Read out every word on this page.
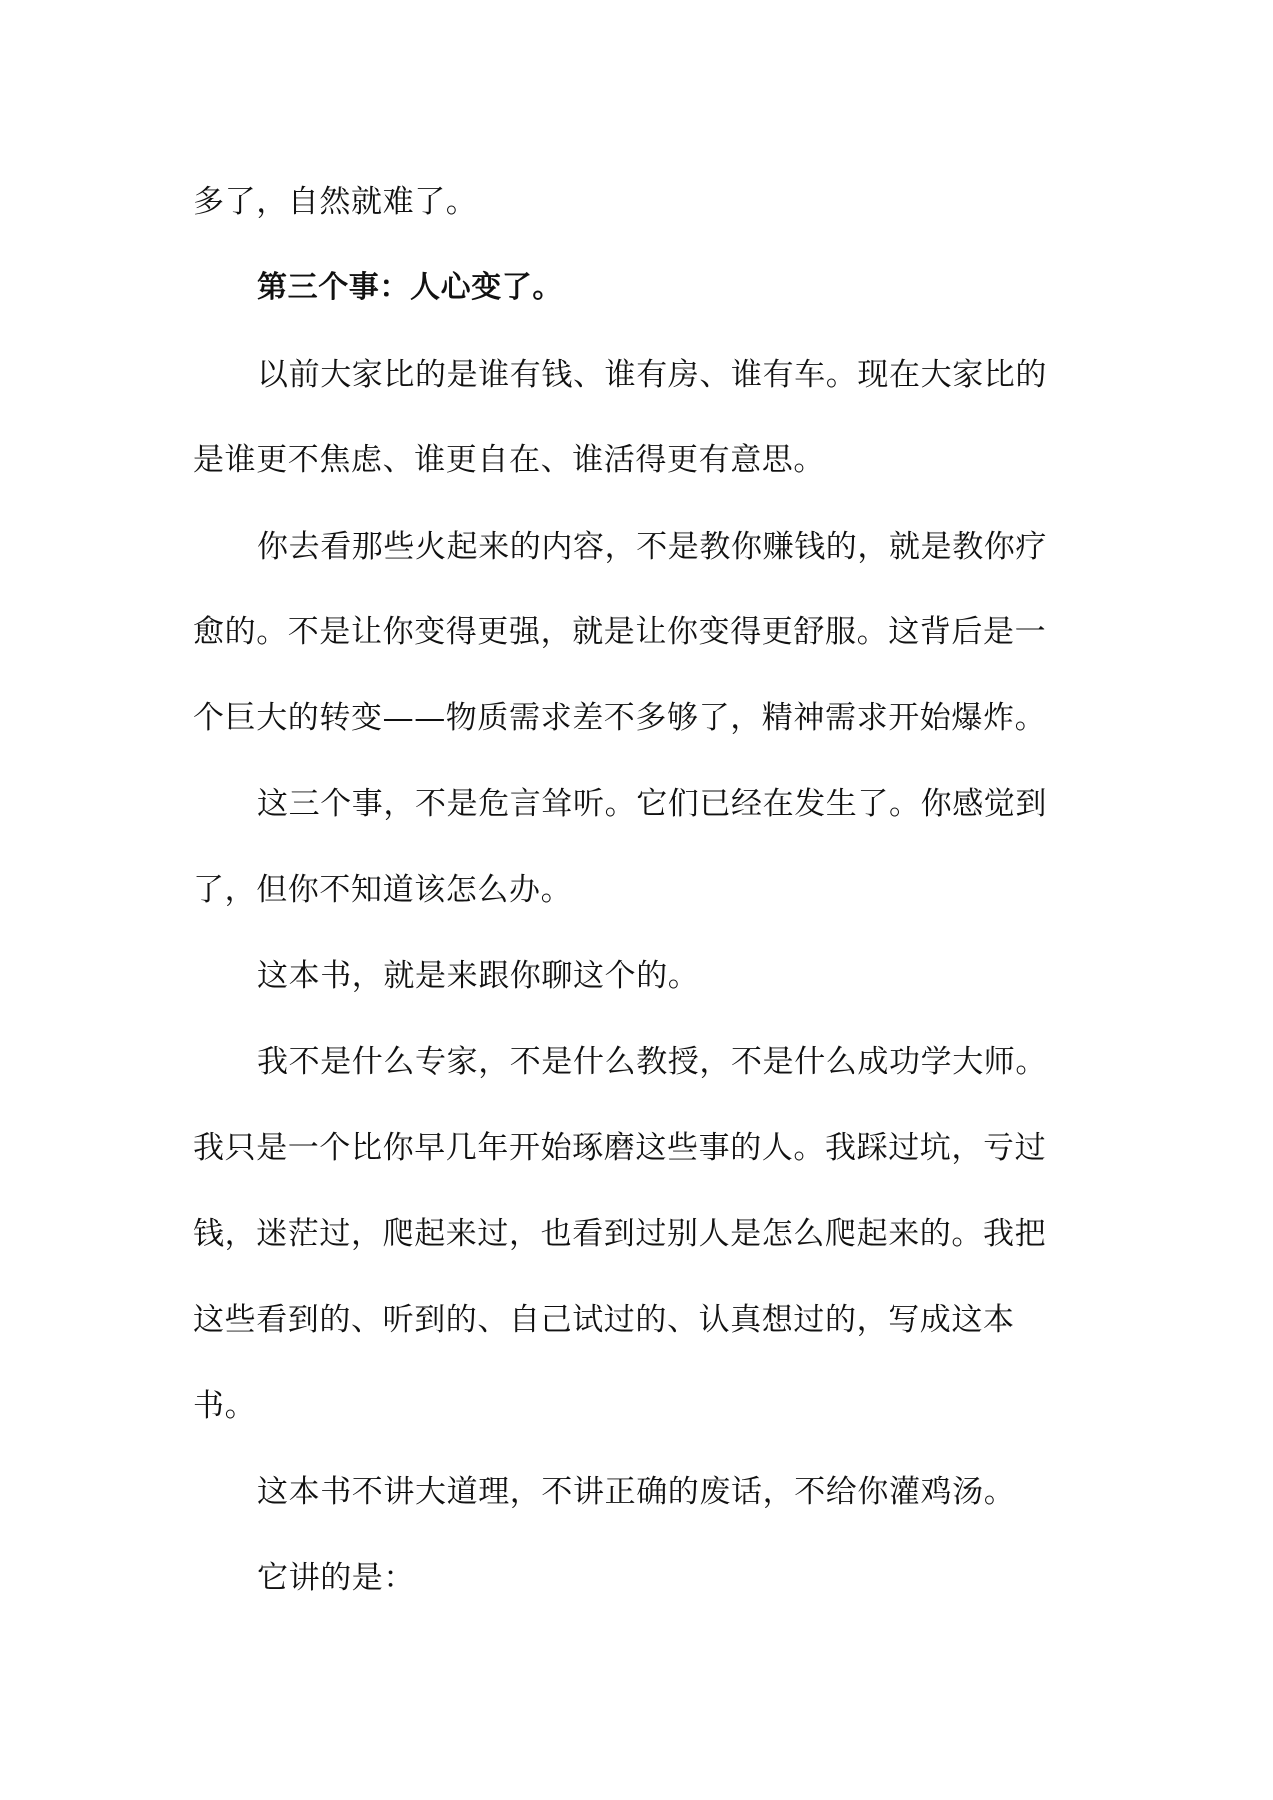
多了，自然就难了。
第三个事：人心变了。
以前大家比的是谁有钱、谁有房、谁有车。现在大家比的
是谁更不焦虑、谁更自在、谁活得更有意思。
你去看那些火起来的内容，不是教你赚钱的，就是教你疗
愈的。不是让你变得更强，就是让你变得更舒服。这背后是一
个巨大的转变——物质需求差不多够了，精神需求开始爆炸。
这三个事，不是危言耸听。它们已经在发生了。你感觉到
了，但你不知道该怎么办。
这本书，就是来跟你聊这个的。
我不是什么专家，不是什么教授，不是什么成功学大师。
我只是一个比你早几年开始琢磨这些事的人。我踩过坑，亏过
钱，迷茫过，爬起来过，也看到过别人是怎么爬起来的。我把
这些看到的、听到的、自己试过的、认真想过的，写成这本
书。
这本书不讲大道理，不讲正确的废话，不给你灌鸡汤。
它讲的是：
